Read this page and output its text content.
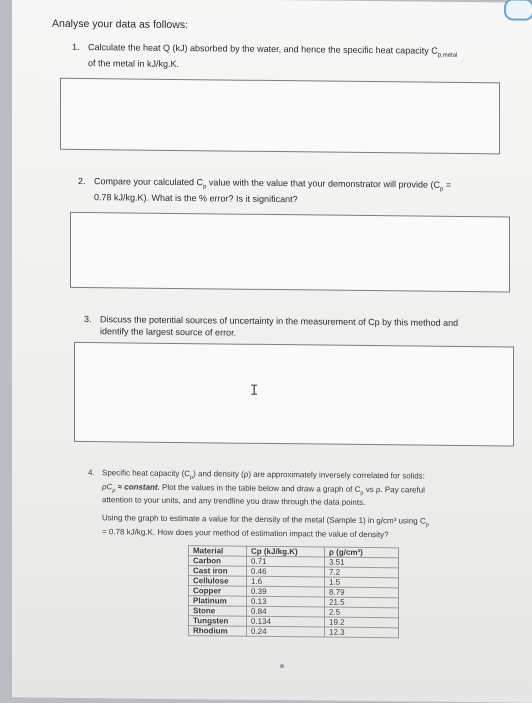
Analyse your data as follows:
1. Calculate the heat Q (kJ) absorbed by the water, and hence the specific heat capacity $C_{p,metal}$
of the metal in kJ/kg.K.
2. Compare your calculated $C_p$ value with the value that your demonstrator will provide ($C_p$ =
0.78 kJ/kg.K). What is the % error? Is it significant?
3. Discuss the potential sources of uncertainty in the measurement of Cp by this method and
identify the largest source of error.
I
4. Specific heat capacity $(C_p)$ and density (ρ) are approximately inversely correlated for solids:
$\rho C_p$ ≈ constant. Plot the values in the table below and draw a graph of $C_p$ vs ρ. Pay careful
attention to your units, and any trendline you draw through the data points.
Using the graph to estimate a value for the density of the metal (Sample 1) in g/cm³ using $C_p$
= 0.78 kJ/kg.K. How does your method of estimation impact the value of density?
Material	Cp (kJ/kg.K)	ρ (g/cm³)
Carbon	0.71	3.51
Cast iron	0.46	7.2
Cellulose	1.6	1.5
Copper	0.39	8.79
Platinum	0.13	21.5
Stone	0.84	2.5
Tungsten	0.134	19.2
Rhodium	0.24	12.3
